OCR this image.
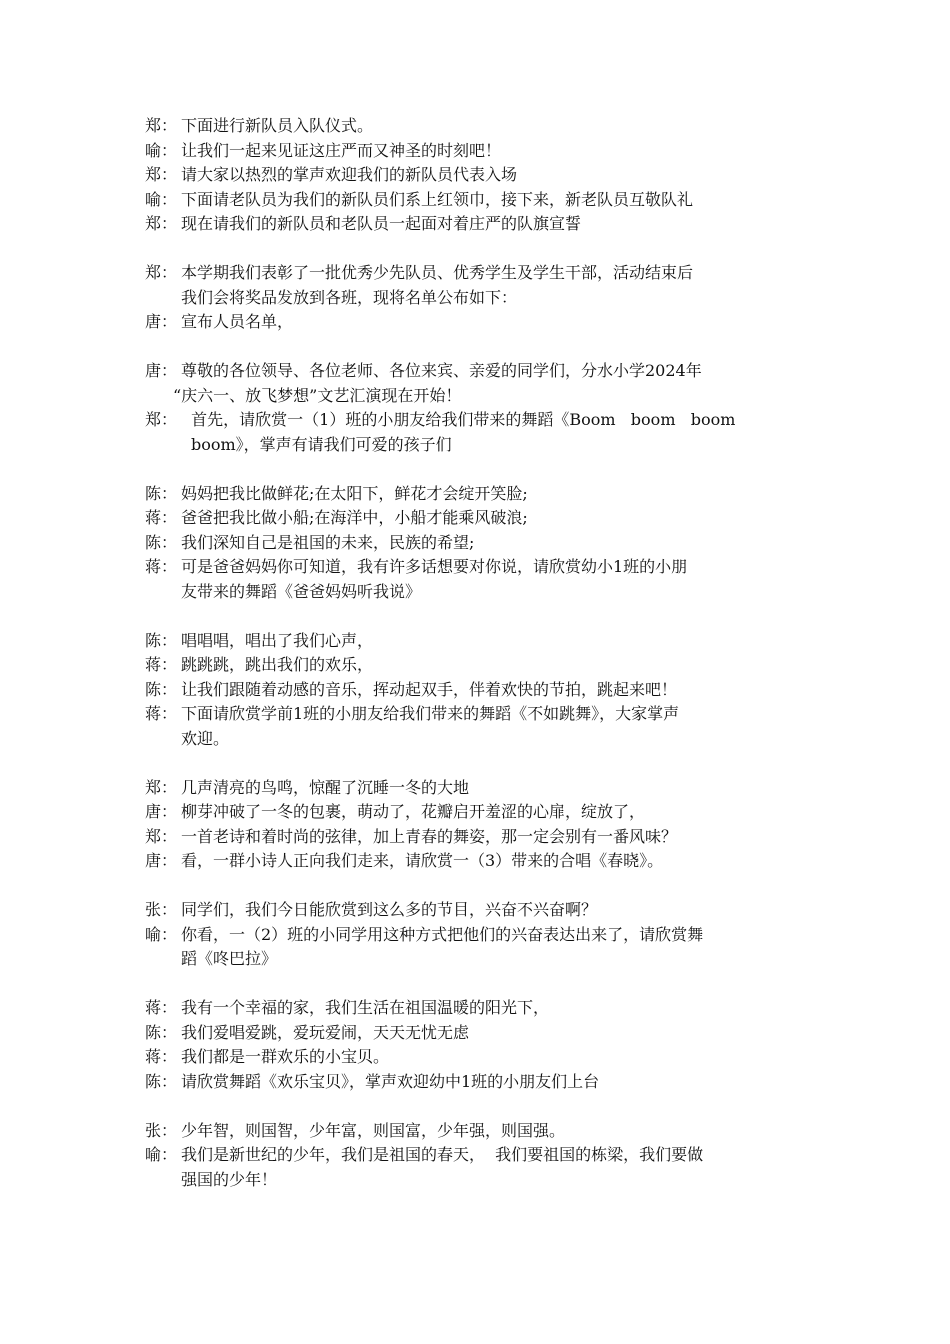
郑： 下面进行新队员入队仪式。
喻： 让我们一起来见证这庄严而又神圣的时刻吧！
郑： 请大家以热烈的掌声欢迎我们的新队员代表入场
喻： 下面请老队员为我们的新队员们系上红领巾，接下来，新老队员互敬队礼
郑： 现在请我们的新队员和老队员一起面对着庄严的队旗宣誓
郑： 本学期我们表彰了一批优秀少先队员、优秀学生及学生干部，活动结束后
我们会将奖品发放到各班，现将名单公布如下：
唐： 宣布人员名单，
唐： 尊敬的各位领导、各位老师、各位来宾、亲爱的同学们，分水小学2024年
“庆六一、放飞梦想”文艺汇演现在开始！
郑： 首先，请欣赏一（1）班的小朋友给我们带来的舞蹈《Boom   boom   boom
boom》，掌声有请我们可爱的孩子们
陈： 妈妈把我比做鲜花;在太阳下，鲜花才会绽开笑脸;
蒋： 爸爸把我比做小船;在海洋中，小船才能乘风破浪;
陈： 我们深知自己是祖国的未来，民族的希望;
蒋： 可是爸爸妈妈你可知道，我有许多话想要对你说，请欣赏幼小1班的小朋
友带来的舞蹈《爸爸妈妈听我说》
陈： 唱唱唱，唱出了我们心声，
蒋： 跳跳跳，跳出我们的欢乐，
陈： 让我们跟随着动感的音乐，挥动起双手，伴着欢快的节拍，跳起来吧！
蒋： 下面请欣赏学前1班的小朋友给我们带来的舞蹈《不如跳舞》，大家掌声
欢迎。
郑： 几声清亮的鸟鸣，惊醒了沉睡一冬的大地
唐： 柳芽冲破了一冬的包裹，萌动了，花瓣启开羞涩的心扉，绽放了，
郑： 一首老诗和着时尚的弦律，加上青春的舞姿，那一定会别有一番风味？
唐： 看，一群小诗人正向我们走来，请欣赏一（3）带来的合唱《春晓》。
张： 同学们，我们今日能欣赏到这么多的节目，兴奋不兴奋啊？
喻： 你看，一（2）班的小同学用这种方式把他们的兴奋表达出来了，请欣赏舞
蹈《咚巴拉》
蒋： 我有一个幸福的家，我们生活在祖国温暖的阳光下，
陈： 我们爱唱爱跳，爱玩爱闹，天天无忧无虑
蒋： 我们都是一群欢乐的小宝贝。
陈： 请欣赏舞蹈《欢乐宝贝》，掌声欢迎幼中1班的小朋友们上台
张： 少年智，则国智，少年富，则国富，少年强，则国强。
喻： 我们是新世纪的少年，我们是祖国的春天，  我们要祖国的栋梁，我们要做
强国的少年！
